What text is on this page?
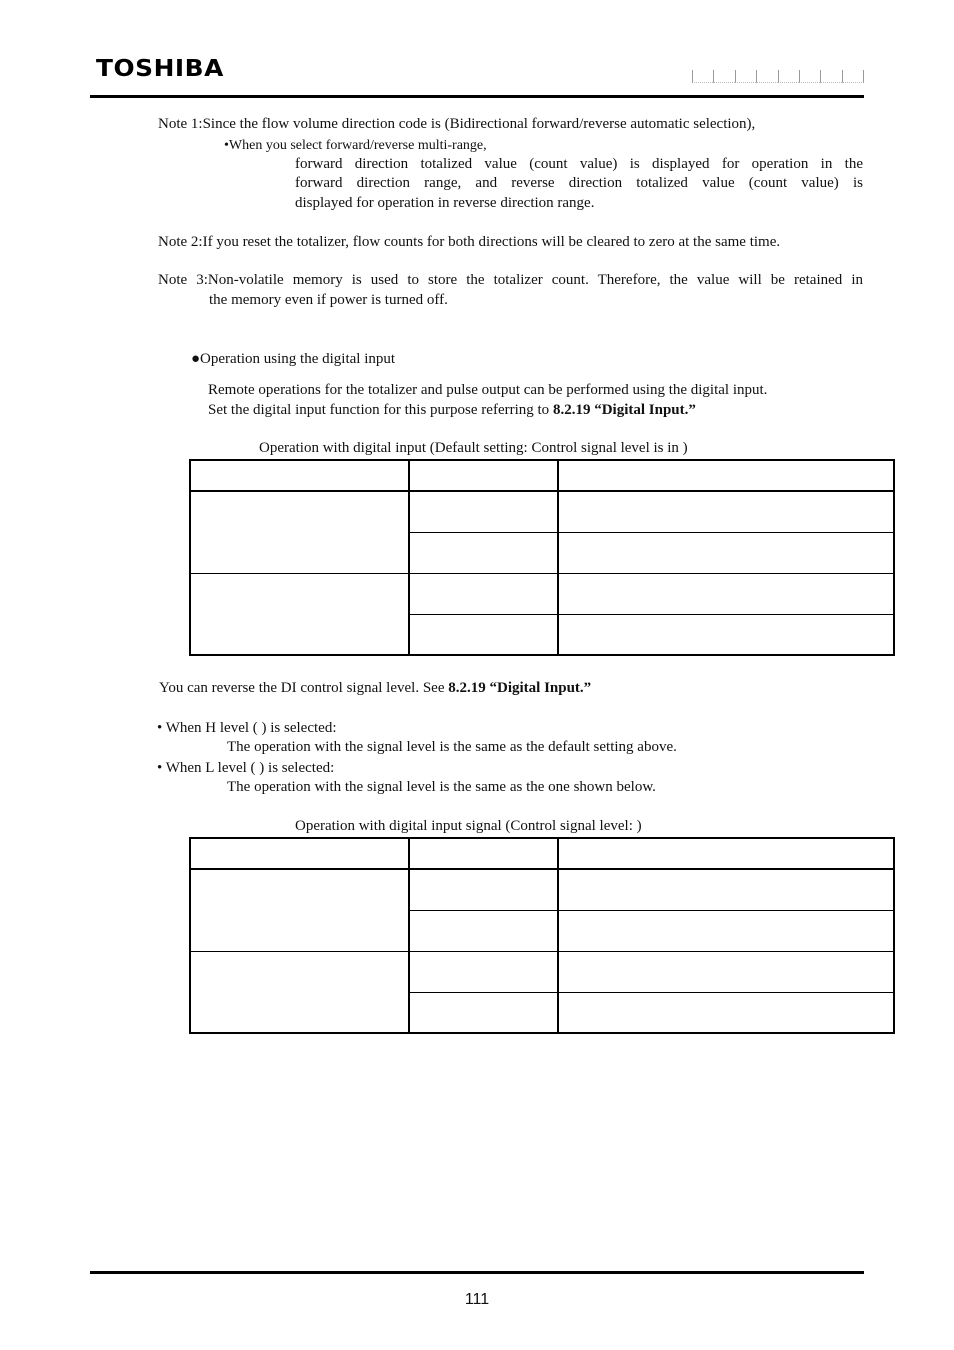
TOSHIBA
Note 1:Since the flow volume direction code is (Bidirectional forward/reverse automatic selection),
•When you select forward/reverse multi-range,
forward direction totalized value (count value) is displayed for operation in the
forward direction range, and reverse direction totalized value (count value) is
displayed for operation in reverse direction range.
Note 2:If you reset the totalizer, flow counts for both directions will be cleared to zero at the same time.
Note 3:Non-volatile memory is used to store the totalizer count. Therefore, the value will be retained in
the memory even if power is turned off.
●Operation using the digital input
Remote operations for the totalizer and pulse output can be performed using the digital input.
Set the digital input function for this purpose referring to 8.2.19 “Digital Input.”
Operation with digital input (Default setting: Control signal level is in )

You can reverse the DI control signal level. See 8.2.19 “Digital Input.”
• When H level ( ) is selected:
The operation with the signal level is the same as the default setting above.
• When L level ( ) is selected:
The operation with the signal level is the same as the one shown below.
Operation with digital input signal (Control signal level: )

111
